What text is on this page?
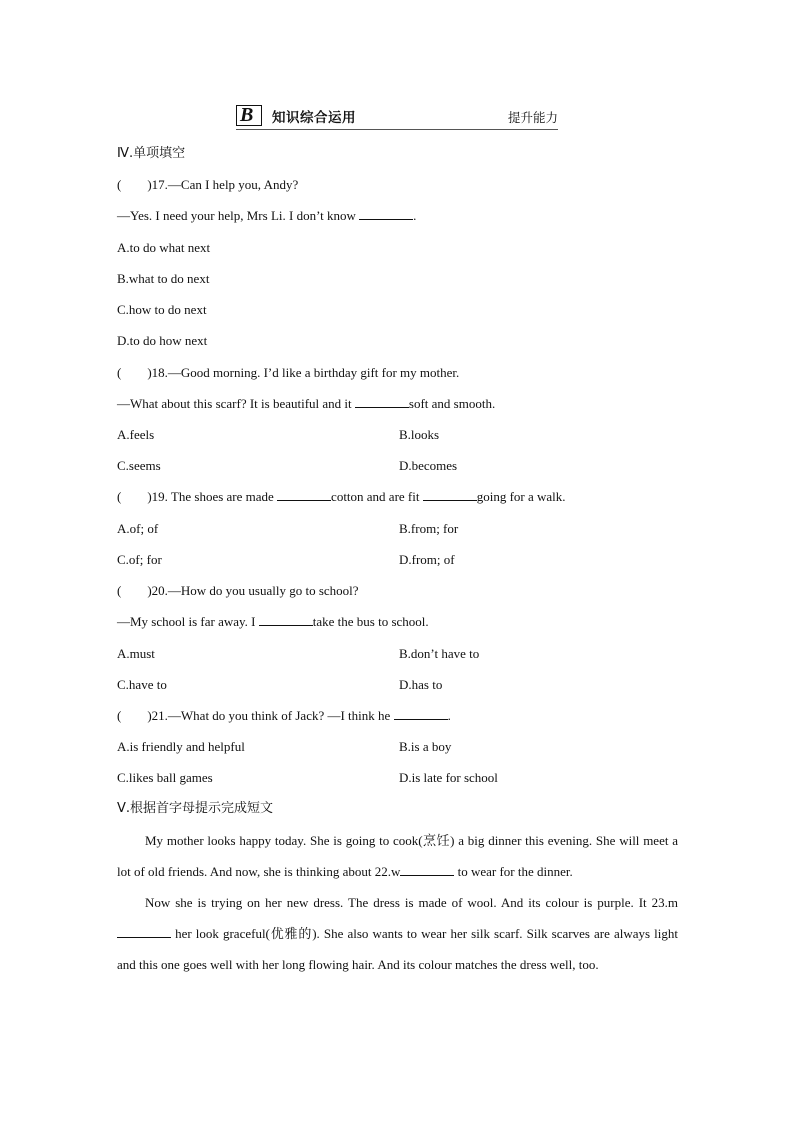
B 知识综合运用	提升能力
Ⅳ.单项填空
(　　)17.—Can I help you, Andy?
—Yes. I need your help, Mrs Li. I don’t know	.
A.to do what next
B.what to do next
C.how to do next
D.to do how next
(　　)18.—Good morning. I’d like a birthday gift for my mother.
—What about this scarf? It is beautiful and it	soft and smooth.
A.feels	B.looks
C.seems	D.becomes
(　　)19. The shoes are made	cotton and are fit	going for a walk.
A.of; of	B.from; for
C.of; for	D.from; of
(　　)20.—How do you usually go to school?
—My school is far away. I	take the bus to school.
A.must	B.don’t have to
C.have to	D.has to
(　　)21.—What do you think of Jack? —I think he	.
A.is friendly and helpful	B.is a boy
C.likes ball games	D.is late for school
Ⅴ.根据首字母提示完成短文

My mother looks happy today. She is going to cook(烹饪) a big dinner this evening. She will meet a lot of old friends. And now, she is thinking about 22.w	to wear for the dinner.

Now she is trying on her new dress. The dress is made of wool. And its colour is purple. It 23.m her look graceful(优雅的). She also wants to wear her silk scarf. Silk scarves are always light and this one goes well with her long flowing hair. And its colour matches the dress well, too.
